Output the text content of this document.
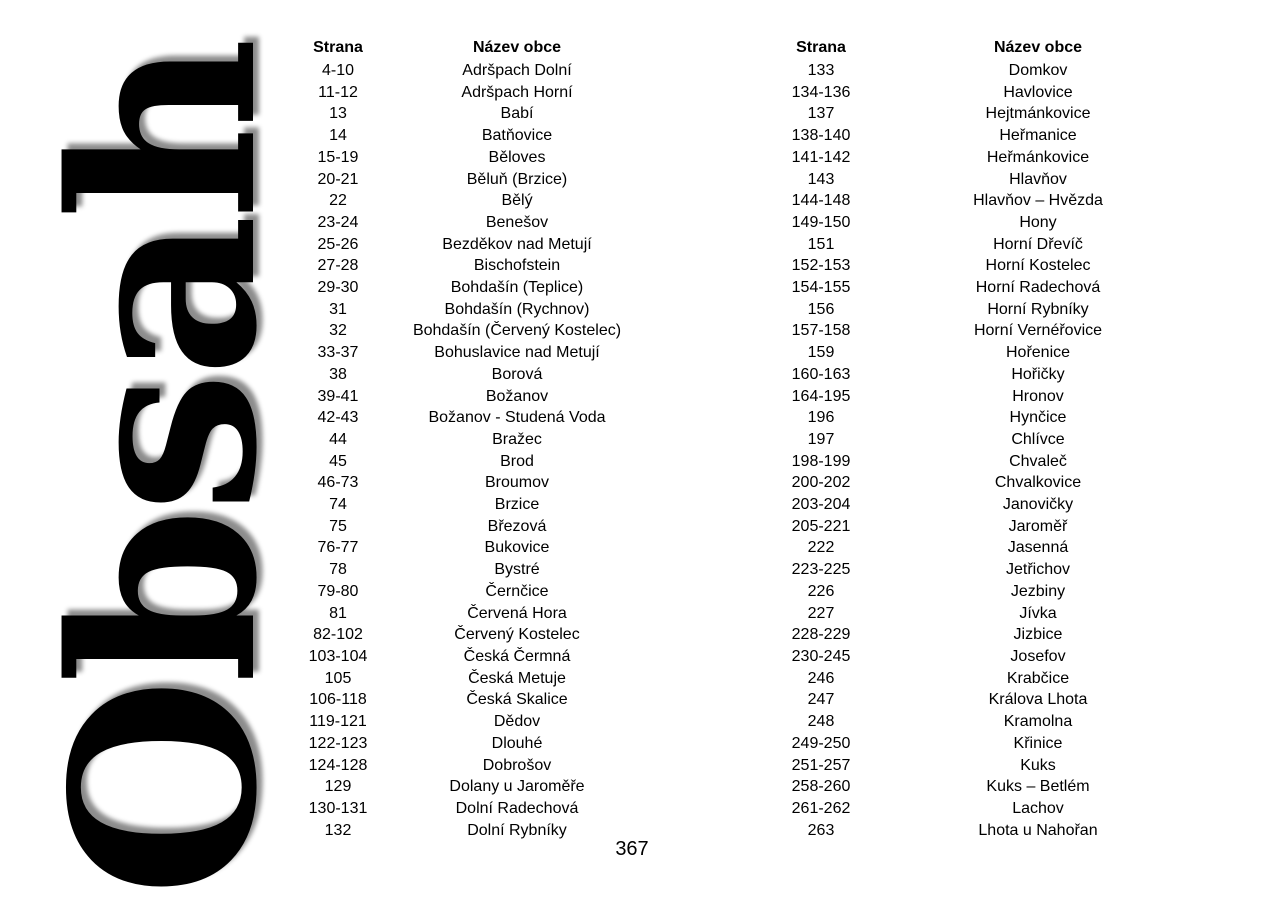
Obsah Strana	Název obce
4-10	Adršpach Dolní
11-12	Adršpach Horní
13	Babí
14	Batňovice
15-19	Běloves
20-21	Běluň (Brzice)
22	Bělý
23-24	Benešov
25-26	Bezděkov nad Metují
27-28	Bischofstein
29-30	Bohdašín (Teplice)
31	Bohdašín (Rychnov)
32	Bohdašín (Červený Kostelec)
33-37	Bohuslavice nad Metují
38	Borová
39-41	Božanov
42-43	Božanov - Studená Voda
44	Bražec
45	Brod
46-73	Broumov
74	Brzice
75	Březová
76-77	Bukovice
78	Bystré
79-80	Černčice
81	Červená Hora
82-102	Červený Kostelec
103-104	Česká Čermná
105	Česká Metuje
106-118	Česká Skalice
119-121	Dědov
122-123	Dlouhé
124-128	Dobrošov
129	Dolany u Jaroměře
130-131	Dolní Radechová
132	Dolní Rybníky
Strana	Název obce
133	Domkov
134-136	Havlovice
137	Hejtmánkovice
138-140	Heřmanice
141-142	Heřmánkovice
143	Hlavňov
144-148	Hlavňov – Hvězda
149-150	Hony
151	Horní Dřevíč
152-153	Horní Kostelec
154-155	Horní Radechová
156	Horní Rybníky
157-158	Horní Vernéřovice
159	Hořenice
160-163	Hořičky
164-195	Hronov
196	Hynčice
197	Chlívce
198-199	Chvaleč
200-202	Chvalkovice
203-204	Janovičky
205-221	Jaroměř
222	Jasenná
223-225	Jetřichov
226	Jezbiny
227	Jívka
228-229	Jizbice
230-245	Josefov
246	Krabčice
247	Králova Lhota
248	Kramolna
249-250	Křinice
251-257	Kuks
258-260	Kuks – Betlém
261-262	Lachov
263	Lhota u Nahořan
367
